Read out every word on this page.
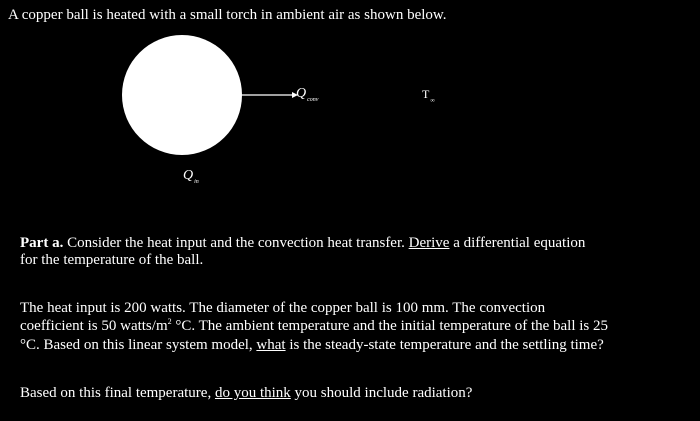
A copper ball is heated with a small torch in ambient air as shown below.
$Q_{conv}$
$Q_{in}$
$T_\infty$
Part a. Consider the heat input and the convection heat transfer. Derive a differential equation
for the temperature of the ball.
The heat input is 200 watts. The diameter of the copper ball is 100 mm. The convection
coefficient is 50 watts/$m^2$ °C. The ambient temperature and the initial temperature of the ball is 25
°C. Based on this linear system model, what is the steady-state temperature and the settling time?
Based on this final temperature, do you think you should include radiation?
